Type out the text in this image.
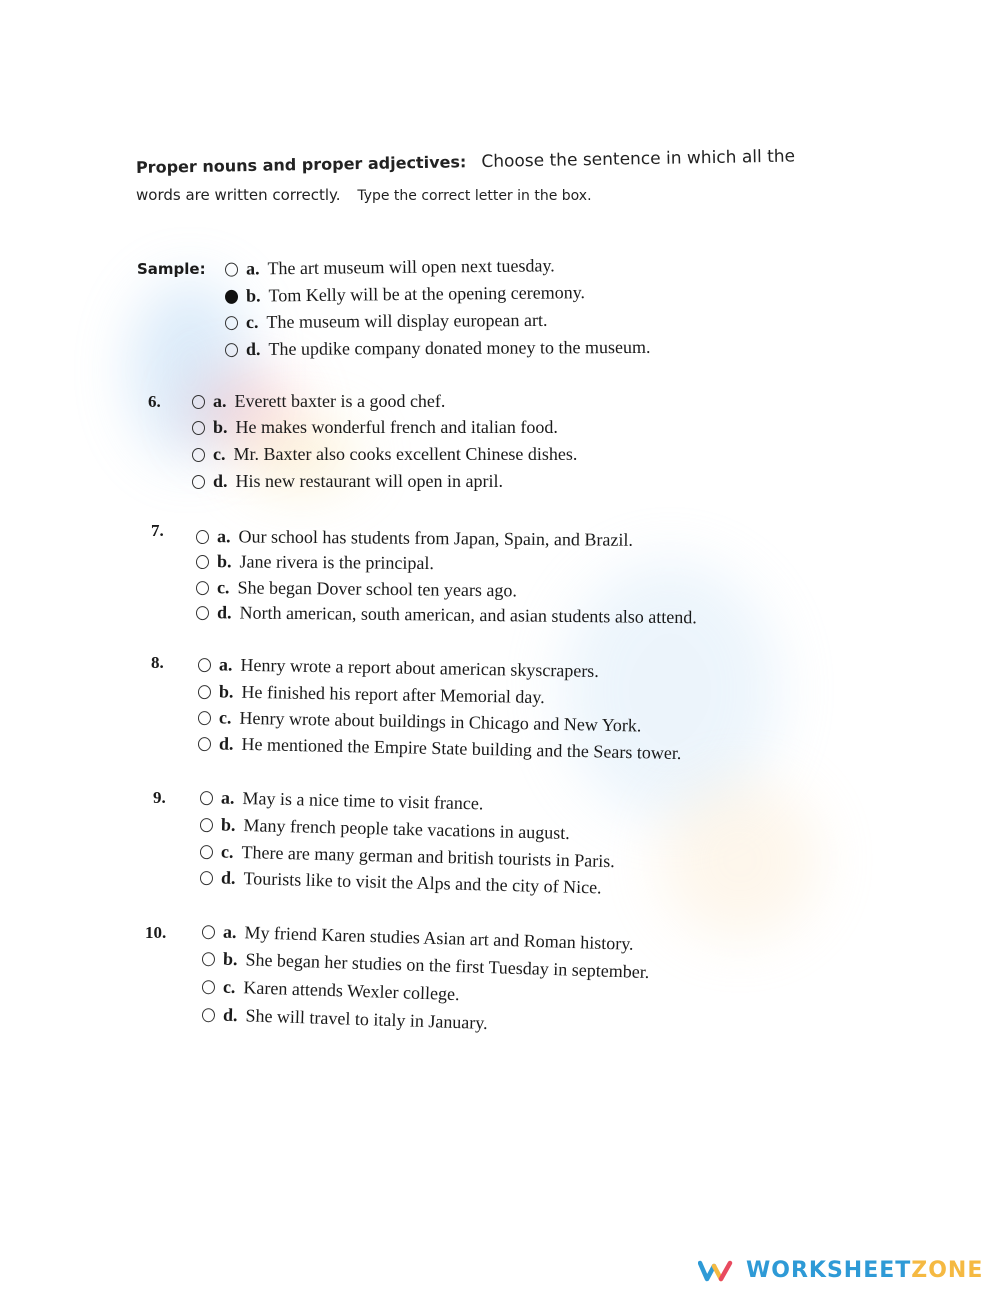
Proper nouns and proper adjectives: Choose the sentence in which all the
words are written correctly. Type the correct letter in the box.
Sample: a. The art museum will open next tuesday.
b. Tom Kelly will be at the opening ceremony.
c. The museum will display european art.
d. The updike company donated money to the museum.
6.	a. Everett baxter is a good chef.
b. He makes wonderful french and italian food.
c. Mr. Baxter also cooks excellent Chinese dishes.
d. His new restaurant will open in april.
7.	a. Our school has students from Japan, Spain, and Brazil.
b. Jane rivera is the principal.
c. She began Dover school ten years ago.
d. North american, south american, and asian students also attend.
8.	a. Henry wrote a report about american skyscrapers.
b. He finished his report after Memorial day.
c. Henry wrote about buildings in Chicago and New York.
d. He mentioned the Empire State building and the Sears tower.
9.	a. May is a nice time to visit france.
b. Many french people take vacations in august.
c. There are many german and british tourists in Paris.
d. Tourists like to visit the Alps and the city of Nice.
10.	a. My friend Karen studies Asian art and Roman history.
b. She began her studies on the first Tuesday in september.
c. Karen attends Wexler college.
d. She will travel to italy in January.
WORKSHEET ZONE
